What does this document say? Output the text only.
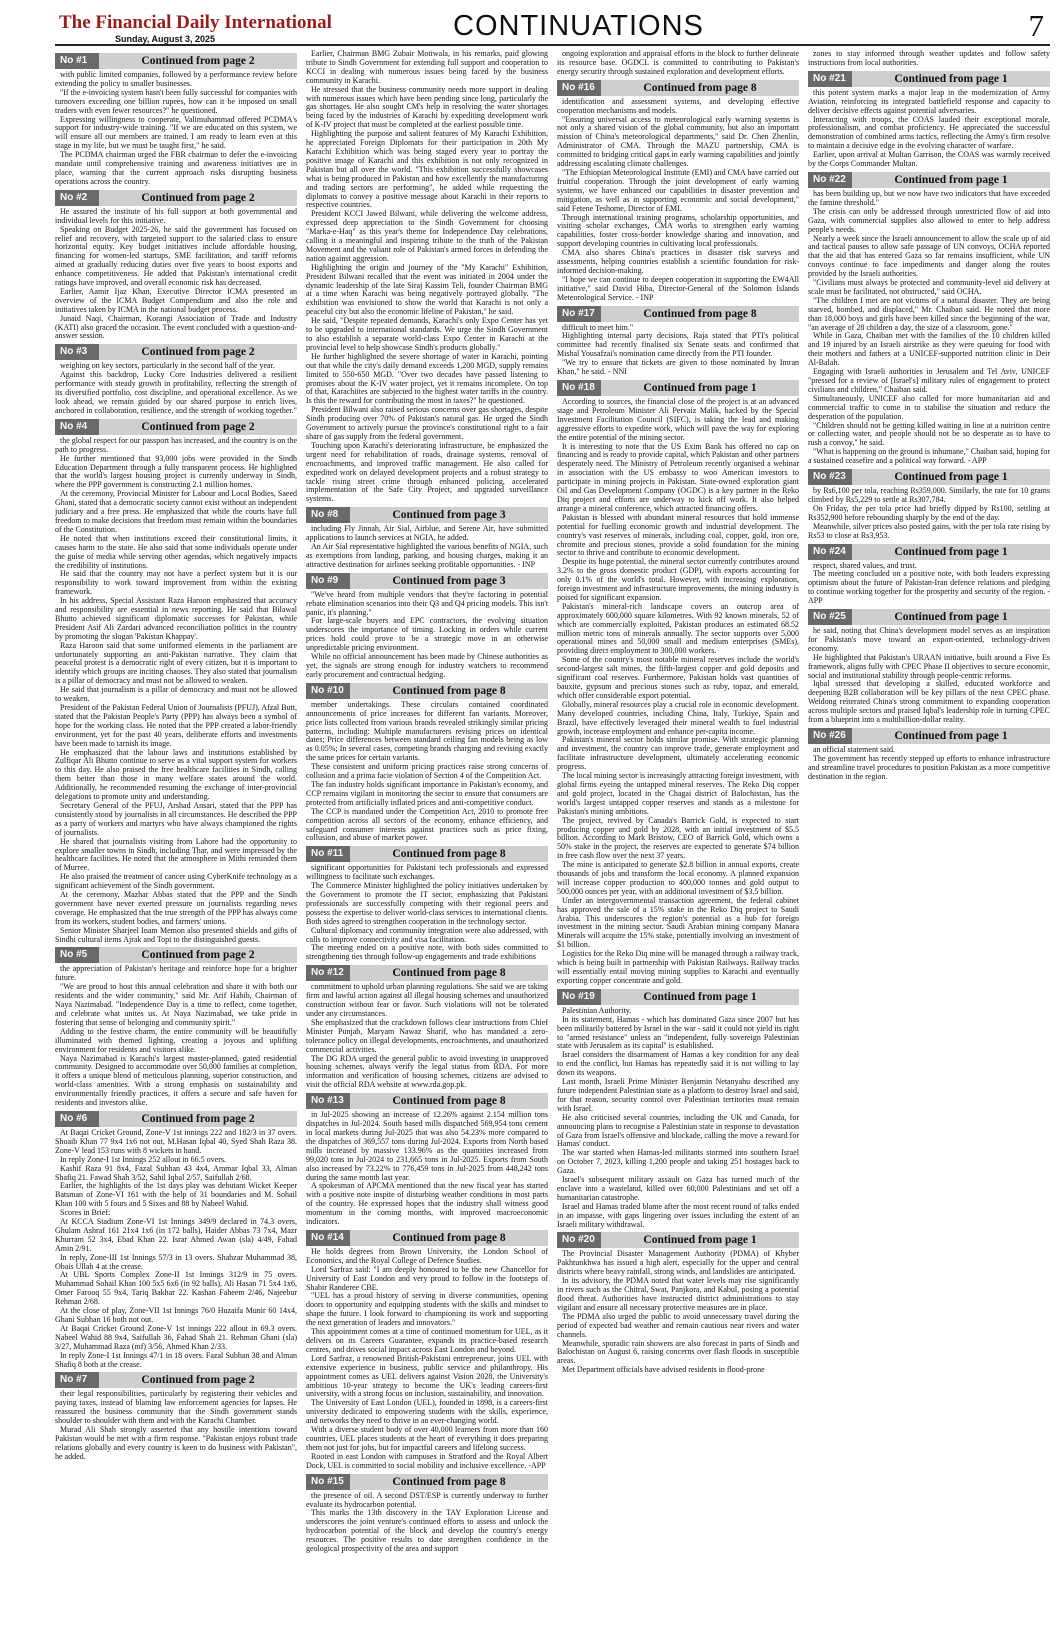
The Financial Daily International
Sunday, August 3, 2025	CONTINUATIONS	7
No #1	Continued from page 2

with public limited companies, followed by a performance review before extending the policy to smaller businesses.

"If the e-invoicing system hasn't been fully successful for companies with turnovers exceeding one billion rupees, how can it be imposed on small traders with even fewer resources?" he questioned.

Expressing willingness to cooperate, Valimuhammad offered PCDMA's support for industry-wide training. "If we are educated on this system, we will ensure all our members are trained. I am ready to learn even at this stage in my life, but we must be taught first," he said.

The PCDMA chairman urged the FBR chairman to defer the e-invoicing mandate until comprehensive training and awareness initiatives are in place, warning that the current approach risks disrupting business operations across the country.

No #2	Continued from page 2

He assured the institute of his full support at both governmental and individual levels for this initiative.

Speaking on Budget 2025-26, he said the government has focused on relief and recovery, with targeted support to the salaried class to ensure horizontal equity. Key budget initiatives include affordable housing, financing for women-led startups, SME facilitation, and tariff reforms aimed at gradually reducing duties over five years to boost exports and enhance competitiveness. He added that Pakistan's international credit ratings have improved, and overall economic risk has decreased.

Earlier, Aamir Ijaz Khan, Executive Director ICMA presented an overview of the ICMA Budget Compendium and also the role and initiatives taken by ICMA in the national budget process.

Junaid Naqi, Chairman, Korangi Association of Trade and Industry (KATI) also graced the occasion. The event concluded with a question-and-answer session.

No #3	Continued from page 2

weighing on key sectors, particularly in the second half of the year.

Against this backdrop, Lucky Core Industries delivered a resilient performance with steady growth in profitability, reflecting the strength of its diversified portfolio, cost discipline, and operational excellence. As we look ahead, we remain guided by our shared purpose to enrich lives, anchored in collaboration, resilience, and the strength of working together."

No #4	Continued from page 2

the global respect for our passport has increased, and the country is on the path to progress.

He further mentioned that 93,000 jobs were provided in the Sindh Education Department through a fully transparent process. He highlighted that the world's largest housing project is currently underway in Sindh, where the PPP government is constructing 2.1 million homes.

At the ceremony, Provincial Minister for Labour and Local Bodies, Saeed Ghani, stated that a democratic society cannot exist without an independent judiciary and a free press. He emphasized that while the courts have full freedom to make decisions that freedom must remain within the boundaries of the Constitution.

He noted that when institutions exceed their constitutional limits, it causes harm to the state. He also said that some individuals operate under the guise of media while serving other agendas, which negatively impacts the credibility of institutions.

He said that the country may not have a perfect system but it is our responsibility to work toward improvement from within the existing framework.

In his address, Special Assistant Raza Haroon emphasized that accuracy and responsibility are essential in news reporting. He said that Bilawal Bhutto achieved significant diplomatic successes for Pakistan, while President Asif Ali Zardari advanced reconciliation politics in the country by promoting the slogan 'Pakistan Khappay'.

Raza Haroon said that some uniformed elements in the parliament are unfortunately supporting an anti-Pakistan narrative. They claim that peaceful protest is a democratic right of every citizen, but it is important to identify which groups are inciting chaoses. They also stated that journalism is a pillar of democracy and must not be allowed to weaken.

He said that journalism is a pillar of democracy and must not be allowed to weaken.

President of the Pakistan Federal Union of Journalists (PFUJ), Afzal Butt, stated that the Pakistan People's Party (PPP) has always been a symbol of hope for the working class. He noted that the PPP created a labor-friendly environment, yet for the past 40 years, deliberate efforts and investments have been made to tarnish its image.

He emphasized that the labour laws and institutions established by Zulfiqar Ali Bhutto continue to serve as a vital support system for workers to this day. He also praised the free healthcare facilities in Sindh, calling them better than those in many welfare states around the world. Additionally, he recommended resuming the exchange of inter-provincial delegations to promote unity and understanding.

Secretary General of the PFUJ, Arshad Ansari, stated that the PPP has consistently stood by journalists in all circumstances. He described the PPP as a party of workers and martyrs who have always championed the rights of journalists.

He shared that journalists visiting from Lahore had the opportunity to explore smaller towns in Sindh, including Thar, and were impressed by the healthcare facilities. He noted that the atmosphere in Mithi reminded them of Murree.

He also praised the treatment of cancer using CyberKnife technology as a significant achievement of the Sindh government.

At the ceremony, Mazhar Abbas stated that the PPP and the Sindh government have never exerted pressure on journalists regarding news coverage. He emphasized that the true strength of the PPP has always come from its workers, student bodies, and farmers' unions.

Senior Minister Sharjeel Inam Memon also presented shields and gifts of Sindhi cultural items Ajrak and Topi to the distinguished guests.

No #5	Continued from page 2

the appreciation of Pakistan's heritage and reinforce hope for a brighter future.

"We are proud to host this annual celebration and share it with both our residents and the wider community," said Mr. Arif Habib, Chairman of Naya Nazimabad. "Independence Day is a time to reflect, come together, and celebrate what unites us. At Naya Nazimabad, we take pride in fostering that sense of belonging and community spirit."

Adding to the festive charm, the entire community will be beautifully illuminated with themed lighting, creating a joyous and uplifting environment for residents and visitors alike.

Naya Nazimabad is Karachi's largest master-planned, gated residential community. Designed to accommodate over 50,000 families at completion, it offers a unique blend of meticulous planning, superior construction, and world-class amenities. With a strong emphasis on sustainability and environmentally friendly practices, it offers a secure and safe haven for residents and investors alike.

No #6	Continued from page 2

At Baqai Cricket Ground, Zone-V 1st innings 222 and 182/3 in 37 overs. Shoaib Khan 77 9x4 1x6 not out, M.Hasan Iqbal 40, Syed Shah Raza 38. Zone-V lead 153 runs with 8 wickets in hand.

In reply Zone-I 1st Innings 252 allout in 66.5 overs.

Kashif Raza 91 8x4, Fazal Subhan 43 4x4, Ammar Iqbal 33, Alman Shafiq 21. Fawad Shah 3/52, Sahil Iqbal 2/57, Saifullah 2/68.

Earlier, the highlights of the 1st days play was debutant Wicket Keeper Batsman of Zone-VI 161 with the help of 31 boundaries and M. Sohail Khan 100 with 5 fours and 5 Sixes and 88 by Nabeel Wahid.

Scores in Brief:

At KCCA Stadium Zone-VI 1st Innings 349/9 declared in 74.3 overs, Ghulam Ashraf 161 21x4 1x6 (in 172 balls), Haider Abbas 73 7x4, Mazr Khurram 52 3x4, Ebad Khan 22. Israr Ahmed Awan (sla) 4/49, Fahad Amin 2/91.

In reply, Zone-III 1st Innings 57/3 in 13 overs. Shahzar Muhammad 38, Obais Ullah 4 at the crease.

At UBL Sports Complex Zone-II 1st Innings 312/9 in 75 overs. Muhammad Sohail Khan 100 5x5 6x6 (in 92 balls), Ali Hasan 71 5x4 1x6, Omer Farooq 55 9x4, Tariq Bakhar 22. Kashan Faheem 2/46, Najeebur Rehman 2/68.

At the close of play, Zone-VII 1st Innings 76/0 Huzaifa Munir 60 14x4, Ghani Subhan 16 both not out.

At Baqai Cricket Ground Zone-V 1st innings 222 allout in 69.3 overs. Nabeel Wahid 88 9x4, Saifullah 36, Fahad Shah 21. Rehman Ghani (sla) 3/27, Muhammad Raza (mf) 3/56, Ahmed Khan 2/33.

In reply Zone-I 1st Innings 47/1 in 18 overs. Fazal Subhan 38 and Alman Shafiq 8 both at the crease.

No #7	Continued from page 2

their legal responsibilities, particularly by registering their vehicles and paying taxes, instead of blaming law enforcement agencies for lapses. He reassured the business community that the Sindh government stands shoulder to shoulder with them and with the Karachi Chamber.

Murad Ali Shah strongly asserted that any hostile intentions toward Pakistan would be met with a firm response. "Pakistan enjoys robust trade relations globally and every country is keen to do business with Pakistan", he added.

Earlier, Chairman BMG Zubair Motiwala, in his remarks, paid glowing tribute to Sindh Government for extending full support and cooperation to KCCI in dealing with numerous issues being faced by the business community in Karachi.

He stressed that the business community needs more support in dealing with numerous issues which have been pending since long, particularly the gas shortages. He also sought CM's help in resolving the water shortages being faced by the industries of Karachi by expediting development work of K-IV project that must be completed at the earliest possible time.

Highlighting the purpose and salient features of My Karachi Exhibition, he appreciated Foreign Diplomats for their participation in 20th My Karachi Exhibition which was being staged every year to portray the positive image of Karachi and this exhibition is not only recognized in Pakistan but all over the world. "This exhibition successfully showcases what is being produced in Pakistan and how excellently the manufacturing and trading sectors are performing", he added while requesting the diplomats to convey a positive message about Karachi in their reports to respective countries.

President KCCI Jawed Bilwani, while delivering the welcome address, expressed deep appreciation to the Sindh Government for choosing "Marka-e-Haq" as this year's theme for Independence Day celebrations, calling it a meaningful and inspiring tribute to the truth of the Pakistan Movement and the valiant role of Pakistan's armed forces in defending the nation against aggression.

Highlighting the origin and journey of the "My Karachi" Exhibition, President Bilwani recalled that the event was initiated in 2004 under the dynamic leadership of the late Siraj Kassim Teli, founder Chairman BMG at a time when Karachi was being negatively portrayed globally. "The exhibition was envisioned to show the world that Karachi is not only a peaceful city but also the economic lifeline of Pakistan," he said.

He said, "Despite repeated demands, Karachi's only Expo Center has yet to be upgraded to international standards. We urge the Sindh Government to also establish a separate world-class Expo Center in Karachi at the provincial level to help showcase Sindh's products globally."

He further highlighted the severe shortage of water in Karachi, pointing out that while the city's daily demand exceeds 1,200 MGD, supply remains limited to 550-650 MGD. "Over two decades have passed listening to promises about the K-IV water project, yet it remains incomplete. On top of that, Karachiites are subjected to the highest water tariffs in the country. Is this the reward for contributing the most in taxes?" he questioned.

President Bilwani also raised serious concerns over gas shortages, despite Sindh producing over 70% of Pakistan's natural gas. He urged the Sindh Government to actively pursue the province's constitutional right to a fair share of gas supply from the federal government.

Touching upon Karachi's deteriorating infrastructure, he emphasized the urgent need for rehabilitation of roads, drainage systems, removal of encroachments, and improved traffic management. He also called for expedited work on delayed development projects and a robust strategy to tackle rising street crime through enhanced policing, accelerated implementation of the Safe City Project, and upgraded surveillance systems.

No #8	Continued from page 3

including Fly Jinnah, Air Sial, Airblue, and Serene Air, have submitted applications to launch services at NGIA, he added.

An Air Sial representative highlighted the various benefits of NGIA, such as exemptions from landing, parking, and housing charges, making it an attractive destination for airlines seeking profitable opportunities. - INP

No #9	Continued from page 3

"We've heard from multiple vendors that they're factoring in potential rebate elimination scenarios into their Q3 and Q4 pricing models. This isn't panic, it's planning."

For large-scale buyers and EPC contractors, the evolving situation underscores the importance of timing. Locking in orders while current prices hold could prove to be a strategic move in an otherwise unpredictable pricing environment.

While no official announcement has been made by Chinese authorities as yet, the signals are strong enough for industry watchers to recommend early procurement and contractual hedging.

No #10	Continued from page 8

member undertakings. These circulars contained coordinated announcements of price increases for different fan variants. Moreover, price lists collected from various brands revealed strikingly similar pricing patterns, including: Multiple manufacturers revising prices on identical dates; Price differences between standard ceiling fan models being as low as 0.05%; In several cases, competing brands charging and revising exactly the same prices for certain variants.

These consistent and uniform pricing practices raise strong concerns of collusion and a prima facie violation of Section 4 of the Competition Act.

The fan industry holds significant importance in Pakistan's economy, and CCP remains vigilant in monitoring the sector to ensure that consumers are protected from artificially inflated prices and anti-competitive conduct.

The CCP is mandated under the Competition Act, 2010 to promote free competition across all sectors of the economy, enhance efficiency, and safeguard consumer interests against practices such as price fixing, collusion, and abuse of market power.

No #11	Continued from page 8

significant opportunities for Pakistani tech professionals and expressed willingness to facilitate such exchanges.

The Commerce Minister highlighted the policy initiatives undertaken by the Government to promote the IT sector, emphasizing that Pakistani professionals are successfully competing with their regional peers and possess the expertise to deliver world-class services to international clients. Both sides agreed to strengthen cooperation in the technology sector.

Cultural diplomacy and community integration were also addressed, with calls to improve connectivity and visa facilitation.

The meeting ended on a positive note, with both sides committed to strengthening ties through follow-up engagements and trade exhibitions

No #12	Continued from page 8

commitment to uphold urban planning regulations. She said we are taking firm and lawful action against all illegal housing schemes and unauthorized construction without fear or favor. Such violations will not be tolerated under any circumstances.

She emphasized that the crackdown follows clear instructions from Chief Minister Punjab, Maryam Nawaz Sharif, who has mandated a zero-tolerance policy on illegal developments, encroachments, and unauthorized commercial activities.

The DG RDA urged the general public to avoid investing in unapproved housing schemes, always verify the legal status from RDA. For more information and verification of housing schemes, citizens are advised to visit the official RDA website at www.rda.gop.pk.

No #13	Continued from page 8

in Jul-2025 showing an increase of 12.26% against 2.154 million tons dispatches in Jul-2024. South based mills dispatched 569,954 tons cement in local markets during Jul-2025 that was also 54.23% more compared to the dispatches of 369,557 tons during Jul-2024. Exports from North based mills increased by massive 133.96% as the quantities increased from 99,020 tons in Jul-2024 to 231,665 tons in Jul-2025. Exports from South also increased by 73.22% to 776,459 tons in Jul-2025 from 448,242 tons during the same month last year.

A spokesman of APCMA mentioned that the new fiscal year has started with a positive note inspite of disturbing weather conditions in most parts of the country. He expressed hopes that the industry shall witness good momentum in the coming months, with improved macroeconomic indicators.

No #14	Continued from page 8

He holds degrees from Brown University, the London School of Economics, and the Royal College of Defence Studies.

Lord Sarfraz said: "I am deeply honoured to be the new Chancellor for University of East London and very proud to follow in the footsteps of Shabir Randeree CBE.

"UEL has a proud history of serving in diverse communities, opening doors to opportunity and equipping students with the skills and mindset to shape the future. I look forward to championing its work and supporting the next generation of leaders and innovators."

This appointment comes at a time of continued momentum for UEL, as it delivers on its Careers Guarantee, expands its practice-based research centres, and drives social impact across East London and beyond.

Lord Sarfraz, a renowned British-Pakistani entrepreneur, joins UEL with extensive experience in business, public service and philanthropy. His appointment comes as UEL delivers against Vision 2028, the University's ambitious 10-year strategy to become the UK's leading careers-first university, with a strong focus on inclusion, sustainability, and innovation.

The University of East London (UEL), founded in 1898, is a careers-first university dedicated to empowering students with the skills, experience, and networks they need to thrive in an ever-changing world.

With a diverse student body of over 40,000 learners from more than 160 countries, UEL places students at the heart of everything it does preparing them not just for jobs, but for impactful careers and lifelong success.

Rooted in east London with campuses in Stratford and the Royal Albert Dock, UEL is committed to social mobility and inclusive excellence. -APP

No #15	Continued from page 8

the presence of oil. A second DST/ESP is currently underway to further evaluate its hydrocarbon potential.

This marks the 13th discovery in the TAY Exploration License and underscores the joint venture's continued efforts to assess and unlock the hydrocarbon potential of the block and develop the country's energy resources. The positive results to date strengthen confidence in the geological prospectivity of the area and support

ongoing exploration and appraisal efforts in the block to further delineate its resource base. OGDCL is committed to contributing to Pakistan's energy security through sustained exploration and development efforts.

No #16	Continued from page 8

identification and assessment systems, and developing effective cooperation mechanisms and models.

"Ensuring universal access to meteorological early warning systems is not only a shared vision of the global community, but also an important mission of China's meteorological departments," said Dr. Chen Zhenlin, Administrator of CMA. Through the MAZU partnership, CMA is committed to bridging critical gaps in early warning capabilities and jointly addressing escalating climate challenges.

"The Ethiopian Meteorological Institute (EMI) and CMA have carried out fruitful cooperation. Through the joint development of early warning systems, we have enhanced our capabilities in disaster prevention and mitigation, as well as in supporting economic and social development," said Fetene Teshome, Director of EMI.

Through international training programs, scholarship opportunities, and visiting scholar exchanges, CMA works to strengthen early warning capabilities, foster cross-border knowledge sharing and innovation, and support developing countries in cultivating local professionals.

CMA also shares China's practices in disaster risk surveys and assessments, helping countries establish a scientific foundation for risk-informed decision-making.

"I hope we can continue to deepen cooperation in supporting the EW4All initiative," said David Hiba, Director-General of the Solomon Islands Meteorological Service. - INP

No #17	Continued from page 8

difficult to meet him."

Highlighting internal party decisions, Raja stated that PTI's political committee had recently finalised six Senate seats and confirmed that Mishal Yousafzai's nomination came directly from the PTI founder.

"We try to ensure that tickets are given to those nominated by Imran Khan," he said. - NNI

No #18	Continued from page 1

According to sources, the financial close of the project is at an advanced stage and Petroleum Minister Ali Pervaiz Malik, backed by the Special Investment Facilitation Council (SIFC), is taking the lead and making aggressive efforts to expedite work, which will pave the way for exploring the entire potential of the mining sector.

It is interesting to note that the US Exim Bank has offered no cap on financing and is ready to provide capital, which Pakistan and other partners desperately need. The Ministry of Petroleum recently organised a webinar in association with the US embassy to woo American investors to participate in mining projects in Pakistan. State-owned exploration giant Oil and Gas Development Company (OGDC) is a key partner in the Reko Diq project and efforts are underway to kick off work. It also helped arrange a mineral conference, which attracted financing offers.

Pakistan is blessed with abundant mineral resources that hold immense potential for fuelling economic growth and industrial development. The country's vast reserves of minerals, including coal, copper, gold, iron ore, chromite and precious stones, provide a solid foundation for the mining sector to thrive and contribute to economic development.

Despite its huge potential, the mineral sector currently contributes around 3.2% to the gross domestic product (GDP), with exports accounting for only 0.1% of the world's total. However, with increasing exploration, foreign investment and infrastructure improvements, the mining industry is poised for significant expansion.

Pakistan's mineral-rich landscape covers an outcrop area of approximately 600,000 square kilometres. With 92 known minerals, 52 of which are commercially exploited, Pakistan produces an estimated 68.52 million metric tons of minerals annually. The sector supports over 5,000 operational mines and 50,000 small and medium enterprises (SMEs), providing direct employment to 300,000 workers.

Some of the country's most notable mineral reserves include the world's second-largest salt mines, the fifth-largest copper and gold deposits and significant coal reserves. Furthermore, Pakistan holds vast quantities of bauxite, gypsum and precious stones such as ruby, topaz, and emerald, which offer considerable export potential.

Globally, mineral resources play a crucial role in economic development. Many developed countries, including China, Italy, Turkiye, Spain and Brazil, have effectively leveraged their mineral wealth to fuel industrial growth, increase employment and enhance per-capita income.

Pakistan's mineral sector holds similar promise. With strategic planning and investment, the country can improve trade, generate employment and facilitate infrastructure development, ultimately accelerating economic progress.

The local mining sector is increasingly attracting foreign investment, with global firms eyeing the untapped mineral reserves. The Reko Diq copper and gold project, located in the Chagai district of Balochistan, has the world's largest untapped copper reserves and stands as a milestone for Pakistan's mining ambitions.

The project, revived by Canada's Barrick Gold, is expected to start producing copper and gold by 2028, with an initial investment of $5.5 billion. According to Mark Bristow, CEO of Barrick Gold, which owns a 50% stake in the project, the reserves are expected to generate $74 billion in free cash flow over the next 37 years.

The mine is anticipated to generate $2.8 billion in annual exports, create thousands of jobs and transform the local economy. A planned expansion will increase copper production to 400,000 tonnes and gold output to 500,000 ounces per year, with an additional investment of $3.5 billion.

Under an intergovernmental transaction agreement, the federal cabinet has approved the sale of a 15% stake in the Reko Diq project to Saudi Arabia. This underscores the region's potential as a hub for foreign investment in the mining sector. Saudi Arabian mining company Manara Minerals will acquire the 15% stake, potentially involving an investment of $1 billion.

Logistics for the Reko Diq mine will be managed through a railway track, which is being built in partnership with Pakistan Railways. Railway tracks will essentially entail moving mining supplies to Karachi and eventually exporting copper concentrate and gold.

No #19	Continued from page 1

Palestinian Authority.

In its statement, Hamas - which has dominated Gaza since 2007 but has been militarily battered by Israel in the war - said it could not yield its right to "armed resistance" unless an "independent, fully sovereign Palestinian state with Jerusalem as its capital" is established.

Israel considers the disarmament of Hamas a key condition for any deal to end the conflict, but Hamas has repeatedly said it is not willing to lay down its weapons.

Last month, Israeli Prime Minister Benjamin Netanyahu described any future independent Palestinian state as a platform to destroy Israel and said, for that reason, security control over Palestinian territories must remain with Israel.

He also criticised several countries, including the UK and Canada, for announcing plans to recognise a Palestinian state in response to devastation of Gaza from Israel's offensive and blockade, calling the move a reward for Hamas' conduct.

The war started when Hamas-led militants stormed into southern Israel on October 7, 2023, killing 1,200 people and taking 251 hostages back to Gaza.

Israel's subsequent military assault on Gaza has turned much of the enclave into a wasteland, killed over 60,000 Palestinians and set off a humanitarian catastrophe.

Israel and Hamas traded blame after the most recent round of talks ended in an impasse, with gaps lingering over issues including the extent of an Israeli military withdrawal.

No #20	Continued from page 1

The Provincial Disaster Management Authority (PDMA) of Khyber Pakhtunkhwa has issued a high alert, especially for the upper and central districts where heavy rainfall, strong winds, and landslides are anticipated.

In its advisory, the PDMA noted that water levels may rise significantly in rivers such as the Chitral, Swat, Panjkora, and Kabul, posing a potential flood threat. Authorities have instructed district administrations to stay vigilant and ensure all necessary protective measures are in place.

The PDMA also urged the public to avoid unnecessary travel during the period of expected bad weather and remain cautious near rivers and water channels.

Meanwhile, sporadic rain showers are also forecast in parts of Sindh and Balochistan on August 6, raising concerns over flash floods in susceptible areas.

Met Department officials have advised residents in flood-prone

zones to stay informed through weather updates and follow safety instructions from local authorities.

No #21	Continued from page 1

this potent system marks a major leap in the modernization of Army Aviation, reinforcing its integrated battlefield response and capacity to deliver decisive effects against potential adversaries.

Interacting with troops, the COAS lauded their exceptional morale, professionalism, and combat proficiency. He appreciated the successful demonstration of combined arms tactics, reflecting the Army's firm resolve to maintain a decisive edge in the evolving character of warfare.

Earlier, upon arrival at Multan Garrison, the COAS was warmly received by the Corps Commander Multan.

No #22	Continued from page 1

has been building up, but we now have two indicators that have exceeded the famine threshold."

The crisis can only be addressed through unrestricted flow of aid into Gaza, with commercial supplies also allowed to enter to help address people's needs.

Nearly a week since the Israeli announcement to allow the scale up of aid and tactical pauses to allow safe passage of UN convoys, OCHA reported that the aid that has entered Gaza so far remains insufficient, while UN convoys continue to face impediments and danger along the routes provided by the Israeli authorities.

"Civilians must always be protected and community-level aid delivery at scale must be facilitated, not obstructed," said OCHA.

"The children I met are not victims of a natural disaster. They are being starved, bombed, and displaced," Mr. Chaiban said. He noted that more than 18,000 boys and girls have been killed since the beginning of the war, "an average of 28 children a day, the size of a classroom, gone."

While in Gaza, Chaiban met with the families of the 10 children killed and 19 injured by an Israeli airstrike as they were queuing for food with their mothers and fathers at a UNICEF-supported nutrition clinic in Deir Al-Balah.

Engaging with Israeli authorities in Jerusalem and Tel Aviv, UNICEF "pressed for a review of [Israel's] military rules of engagement to protect civilians and children," Chaiban said.

Simultaneously, UNICEF also called for more humanitarian aid and commercial traffic to come in to stabilise the situation and reduce the desperation of the population.

"Children should not be getting killed waiting in line at a nutrition centre or collecting water, and people should not be so desperate as to have to rush a convoy," he said.

"What is happening on the ground is inhumane," Chaiban said, hoping for a sustained ceasefire and a political way forward. - APP

No #23	Continued from page 1

by Rs6,100 per tola, reaching Rs359,000. Similarly, the rate for 10 grams climbed by Rs5,229 to settle at Rs307,784.

On Friday, the per tola price had briefly dipped by Rs100, settling at Rs352,900 before rebounding sharply by the end of the day.

Meanwhile, silver prices also posted gains, with the per tola rate rising by Rs53 to close at Rs3,953.

No #24	Continued from page 1

respect, shared values, and trust.

The meeting concluded on a positive note, with both leaders expressing optimism about the future of Pakistan-Iran defence relations and pledging to continue working together for the prosperity and security of the region. - APP

No #25	Continued from page 1

he said, noting that China's development model serves as an inspiration for Pakistan's move toward an export-oriented, technology-driven economy.

He highlighted that Pakistan's URAAN initiative, built around a Five Es framework, aligns fully with CPEC Phase II objectives to secure economic, social and institutional stability through people-centric reforms.

Iqbal stressed that developing a skilled, educated workforce and deepening B2B collaboration will be key pillars of the next CPEC phase. Weidong reiterated China's strong commitment to expanding cooperation across multiple sectors and praised Iqbal's leadership role in turning CPEC from a blueprint into a multibillion-dollar reality.

No #26	Continued from page 1

an official statement said.

The government has recently stepped up efforts to enhance infrastructure and streamline travel procedures to position Pakistan as a more competitive destination in the region.
